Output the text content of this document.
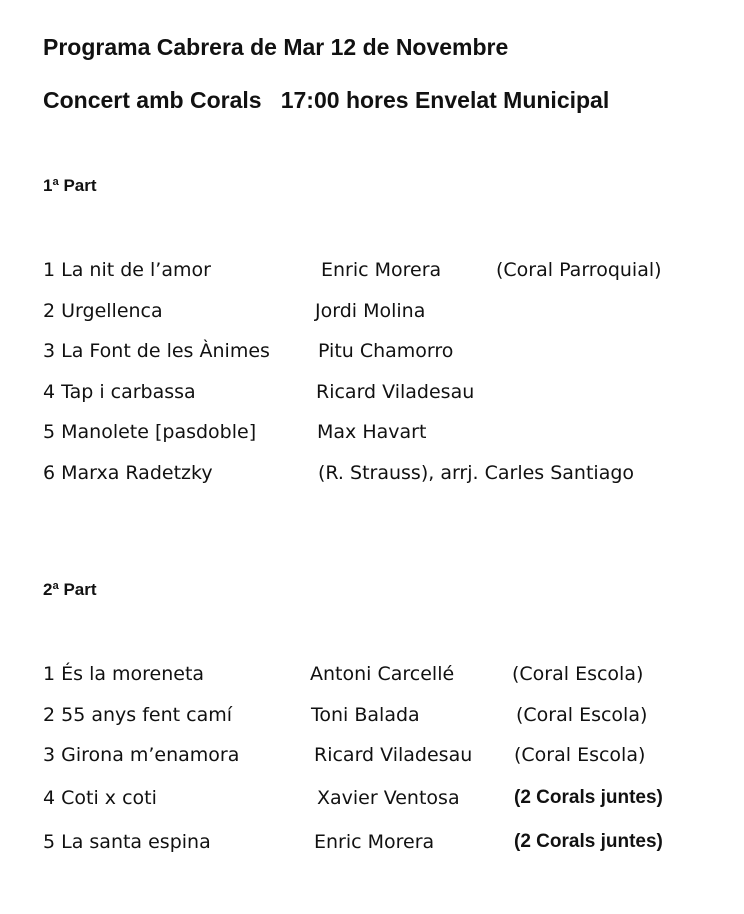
Programa Cabrera de Mar 12 de Novembre
Concert amb Corals   17:00 hores Envelat Municipal
1ª Part
1 La nit de l’amor	Enric Morera	(Coral Parroquial)
2 Urgellenca	Jordi Molina
3 La Font de les Ànimes	Pitu Chamorro
4 Tap i carbassa	Ricard Viladesau
5 Manolete [pasdoble]	Max Havart
6 Marxa Radetzky	(R. Strauss), arrj. Carles Santiago
2ª Part
1 És la moreneta	Antoni Carcellé	(Coral Escola)
2 55 anys fent camí	Toni Balada	(Coral Escola)
3 Girona m’enamora	Ricard Viladesau (Coral Escola)
4 Coti x coti	Xavier Ventosa	(2 Corals juntes)
5 La santa espina	Enric Morera	(2 Corals juntes)
